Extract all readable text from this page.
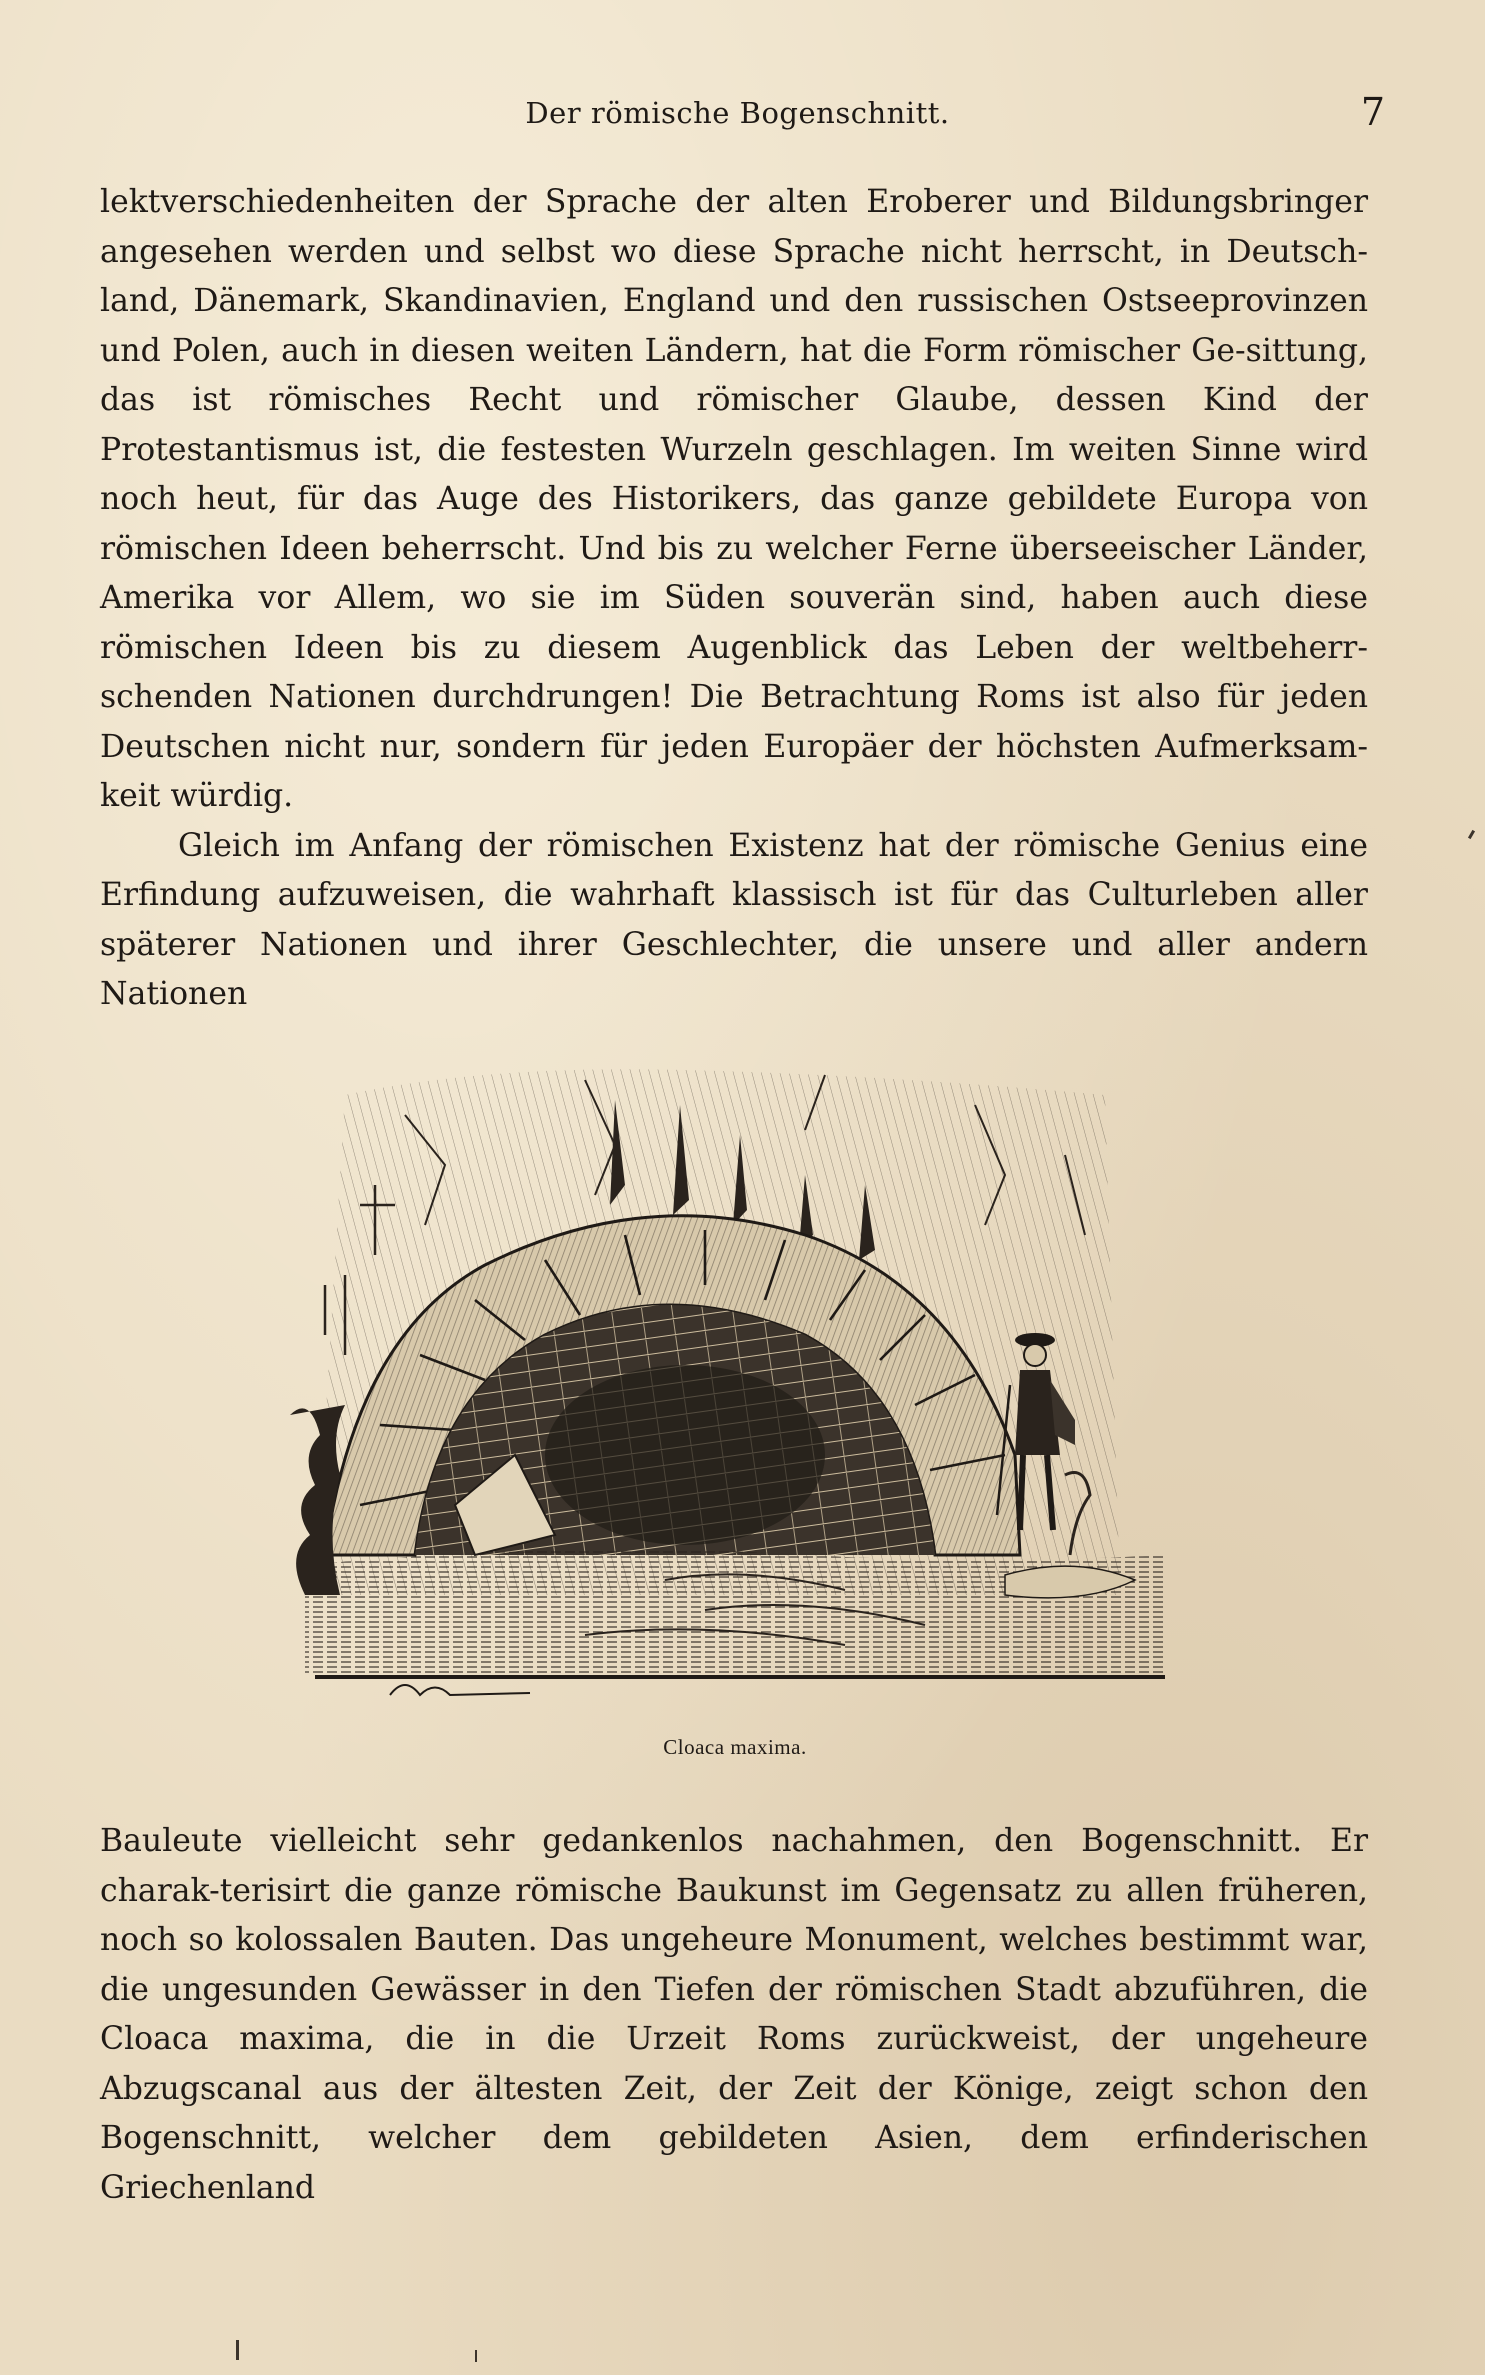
Der römische Bogenschnitt.	7

lektverschiedenheiten der Sprache der alten Eroberer und Bildungsbringer angesehen werden und selbst wo diese Sprache nicht herrscht, in Deutsch-land, Dänemark, Skandinavien, England und den russischen Ostseeprovinzen und Polen, auch in diesen weiten Ländern, hat die Form römischer Ge-sittung, das ist römisches Recht und römischer Glaube, dessen Kind der Protestantismus ist, die festesten Wurzeln geschlagen. Im weiten Sinne wird noch heut, für das Auge des Historikers, das ganze gebildete Europa von römischen Ideen beherrscht. Und bis zu welcher Ferne überseeischer Länder, Amerika vor Allem, wo sie im Süden souverän sind, haben auch diese römischen Ideen bis zu diesem Augenblick das Leben der weltbeherr-schenden Nationen durchdrungen! Die Betrachtung Roms ist also für jeden Deutschen nicht nur, sondern für jeden Europäer der höchsten Aufmerksam-keit würdig.

Gleich im Anfang der römischen Existenz hat der römische Genius eine Erfindung aufzuweisen, die wahrhaft klassisch ist für das Culturleben aller späterer Nationen und ihrer Geschlechter, die unsere und aller andern Nationen

Cloaca maxima.

Bauleute vielleicht sehr gedankenlos nachahmen, den Bogenschnitt. Er charak-terisirt die ganze römische Baukunst im Gegensatz zu allen früheren, noch so kolossalen Bauten. Das ungeheure Monument, welches bestimmt war, die ungesunden Gewässer in den Tiefen der römischen Stadt abzuführen, die Cloaca maxima, die in die Urzeit Roms zurückweist, der ungeheure Abzugscanal aus der ältesten Zeit, der Zeit der Könige, zeigt schon den Bogenschnitt, welcher dem gebildeten Asien, dem erfinderischen Griechenland
